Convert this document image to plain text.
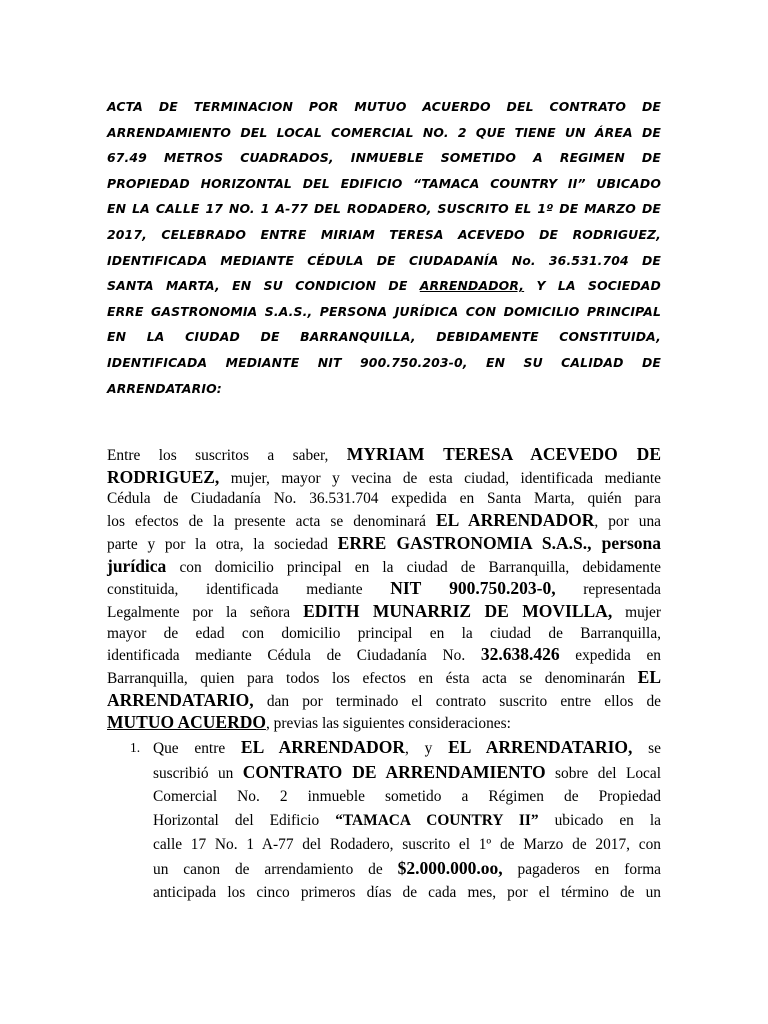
ACTA DE TERMINACION POR MUTUO ACUERDO DEL CONTRATO DE

ARRENDAMIENTO DEL LOCAL COMERCIAL NO. 2 QUE TIENE UN ÁREA DE

67.49 METROS CUADRADOS, INMUEBLE SOMETIDO A REGIMEN DE

PROPIEDAD HORIZONTAL DEL EDIFICIO “TAMACA COUNTRY II” UBICADO

EN LA CALLE 17 NO. 1 A-77 DEL RODADERO, SUSCRITO EL 1º DE MARZO DE

2017, CELEBRADO ENTRE MIRIAM TERESA ACEVEDO DE RODRIGUEZ,

IDENTIFICADA MEDIANTE CÉDULA DE CIUDADANÍA No. 36.531.704 DE

SANTA MARTA, EN SU CONDICION DE ARRENDADOR, Y LA SOCIEDAD

ERRE GASTRONOMIA S.A.S., PERSONA JURÍDICA CON DOMICILIO PRINCIPAL

EN LA CIUDAD DE BARRANQUILLA, DEBIDAMENTE CONSTITUIDA,

IDENTIFICADA MEDIANTE NIT 900.750.203-0, EN SU CALIDAD DE

ARRENDATARIO:

Entre los suscritos a saber, MYRIAM TERESA ACEVEDO DE

RODRIGUEZ, mujer, mayor y vecina de esta ciudad, identificada mediante

Cédula de Ciudadanía No. 36.531.704 expedida en Santa Marta, quién para

los efectos de la presente acta se denominará EL ARRENDADOR, por una

parte y por la otra, la sociedad ERRE GASTRONOMIA S.A.S., persona

jurídica con domicilio principal en la ciudad de Barranquilla, debidamente

constituida, identificada mediante NIT 900.750.203-0, representada

Legalmente por la señora EDITH MUNARRIZ DE MOVILLA, mujer

mayor de edad con domicilio principal en la ciudad de Barranquilla,

identificada mediante Cédula de Ciudadanía No. 32.638.426 expedida en

Barranquilla, quien para todos los efectos en ésta acta se denominarán EL

ARRENDATARIO, dan por terminado el contrato suscrito entre ellos de

MUTUO ACUERDO, previas las siguientes consideraciones:

1. Que entre EL ARRENDADOR, y EL ARRENDATARIO, se

suscribió un CONTRATO DE ARRENDAMIENTO sobre del Local

Comercial No. 2 inmueble sometido a Régimen de Propiedad

Horizontal del Edificio “TAMACA COUNTRY II” ubicado en la

calle 17 No. 1 A-77 del Rodadero, suscrito el 1º de Marzo de 2017, con

un canon de arrendamiento de $2.000.000.oo, pagaderos en forma

anticipada los cinco primeros días de cada mes, por el término de un
